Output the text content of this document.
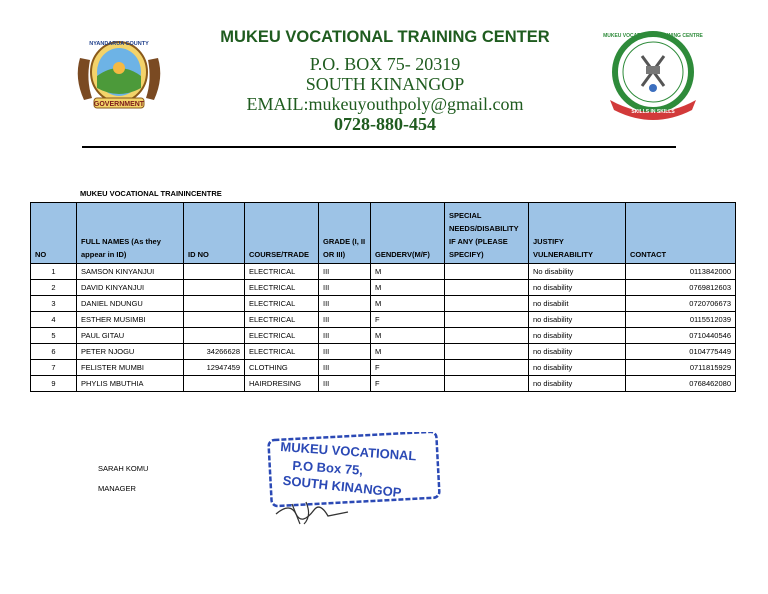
GOVERNMENT
NYANDARUA COUNTY
SKILLS IN SKILLS
MUKEU VOCATIONAL TRAINING CENTRE
MUKEU VOCATIONAL TRAINING CENTER
P.O. BOX 75- 20319
SOUTH KINANGOP
EMAIL:mukeuyouthpoly@gmail.com
0728-880-454
MUKEU VOCATIONAL TRAININCENTRE
NO	FULL NAMES (As they appear in ID)	ID NO	COURSE/TRADE	GRADE (I, II OR III)	GENDERV(M/F)	SPECIAL NEEDS/DISABILITY IF ANY (PLEASE SPECIFY)	JUSTIFY VULNERABILITY	CONTACT
1	SAMSON KINYANJUI		ELECTRICAL	III	M		No disability	0113842000
2	DAVID KINYANJUI		ELECTRICAL	III	M		no disability	0769812603
3	DANIEL NDUNGU		ELECTRICAL	III	M		no disabilit	0720706673
4	ESTHER MUSIMBI		ELECTRICAL	III	F		no disability	0115512039
5	PAUL GITAU		ELECTRICAL	III	M		no disability	0710440546
6	PETER NJOGU	34266628	ELECTRICAL	III	M		no disability	0104775449
7	FELISTER MUMBI	12947459	CLOTHING	III	F		no disability	0711815929
9	PHYLIS MBUTHIA		HAIRDRESING	III	F		no disability	0768462080
SARAH KOMU
MANAGER
MUKEU VOCATIONAL
P.O Box 75,
SOUTH KINANGOP
